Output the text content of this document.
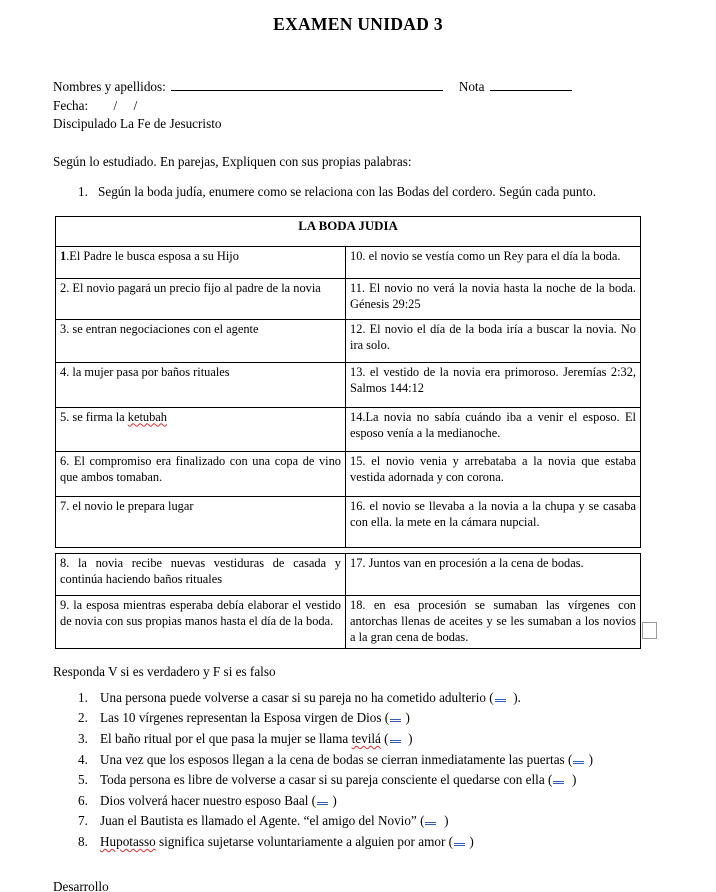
EXAMEN UNIDAD 3
Nombres y apellidos:	Nota
Fecha: /     /
Discipulado La Fe de Jesucristo
Según lo estudiado. En parejas, Expliquen con sus propias palabras:
1. Según la boda judía, enumere como se relaciona con las Bodas del cordero. Según cada punto.
LA BODA JUDIA	
1.El Padre le busca esposa a su Hijo	10. el novio se vestía como un Rey para el día la boda.
2. El novio pagará un precio fijo al padre de la novia	11. El novio no verá la novia hasta la noche de la boda. Génesis 29:25
3. se entran negociaciones con el agente	12. El novio el día de la boda iría a buscar la novia. No ira solo.
4. la mujer pasa por baños rituales	13. el vestido de la novia era primoroso. Jeremías 2:32, Salmos 144:12
5. se firma la ketubah	14.La novia no sabía cuándo iba a venir el esposo. El esposo venía a la medianoche.
6. El compromiso era finalizado con una copa de vino que ambos tomaban.	15. el novio venia y arrebataba a la novia que estaba vestida adornada y con corona.
7. el novio le prepara lugar	16. el novio se llevaba a la novia a la chupa y se casaba con ella. la mete en la cámara nupcial.
8. la novia recibe nuevas vestiduras de casada y continúa haciendo baños rituales	17. Juntos van en procesión a la cena de bodas.
9. la esposa mientras esperaba debía elaborar el vestido de novia con sus propias manos hasta el día de la boda.	18. en esa procesión se sumaban las vírgenes con antorchas llenas de aceites y se les sumaban a los novios a la gran cena de bodas.
Responda V si es verdadero y F si es falso
1. Una persona puede volverse a casar si su pareja no ha cometido adulterio (  ).
2. Las 10 vírgenes representan la Esposa virgen de Dios ( )
3. El baño ritual por el que pasa la mujer se llama tevilá (  )
4. Una vez que los esposos llegan a la cena de bodas se cierran inmediatamente las puertas ( )
5. Toda persona es libre de volverse a casar si su pareja consciente el quedarse con ella (  )
6. Dios volverá hacer nuestro esposo Baal ( )
7. Juan el Bautista es llamado el Agente. “el amigo del Novio” (  )
8. Hupotasso significa sujetarse voluntariamente a alguien por amor ( )
Desarrollo
